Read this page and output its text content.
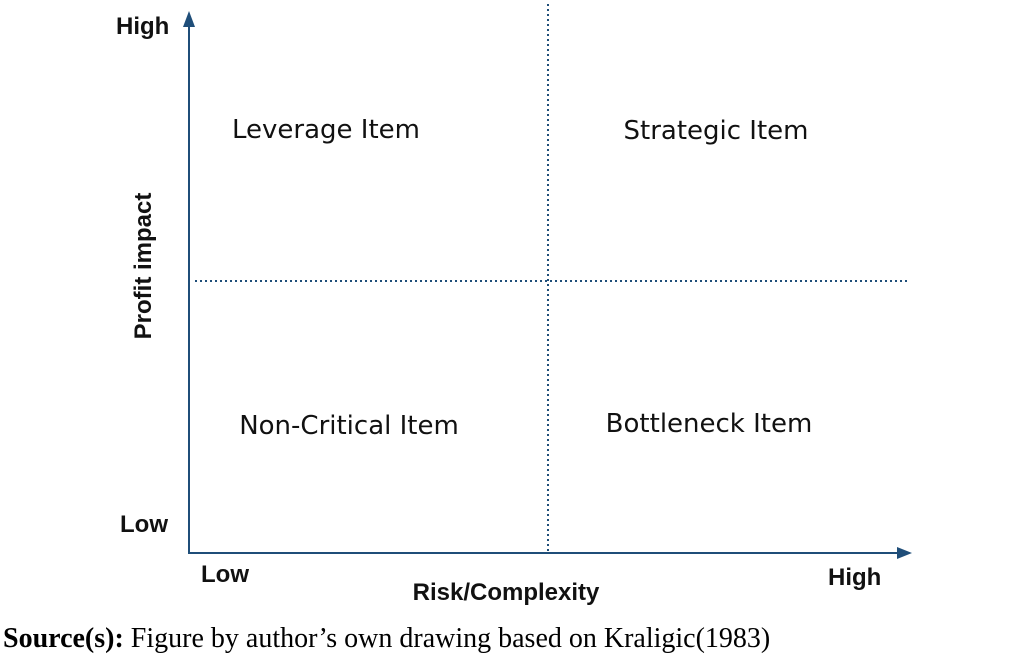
High
Low
Profit impact
Leverage Item	Strategic Item
Non-Critical Item	Bottleneck Item
Low	High
Risk/Complexity
Source(s): Figure by author’s own drawing based on Kraligic(1983)
